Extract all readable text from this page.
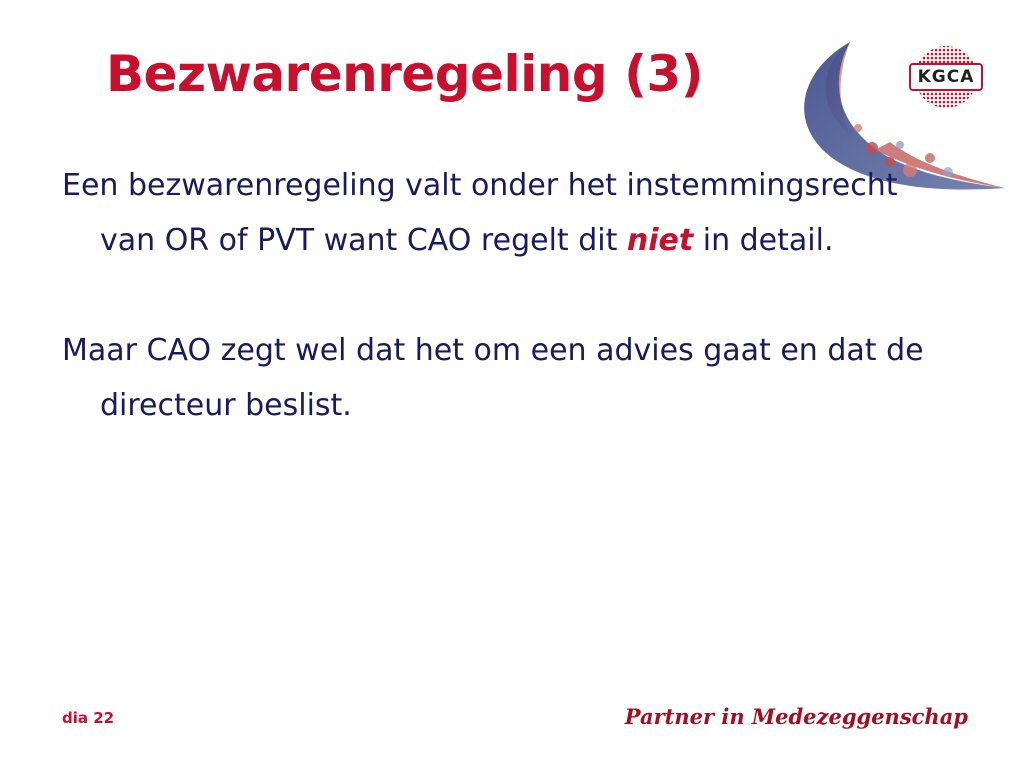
Bezwarenregeling (3)	KGCA

Een bezwarenregeling valt onder het instemmingsrecht van OR of PVT want CAO regelt dit niet in detail.

Maar CAO zegt wel dat het om een advies gaat en dat de directeur beslist.

dia 22	Partner in Medezeggenschap
